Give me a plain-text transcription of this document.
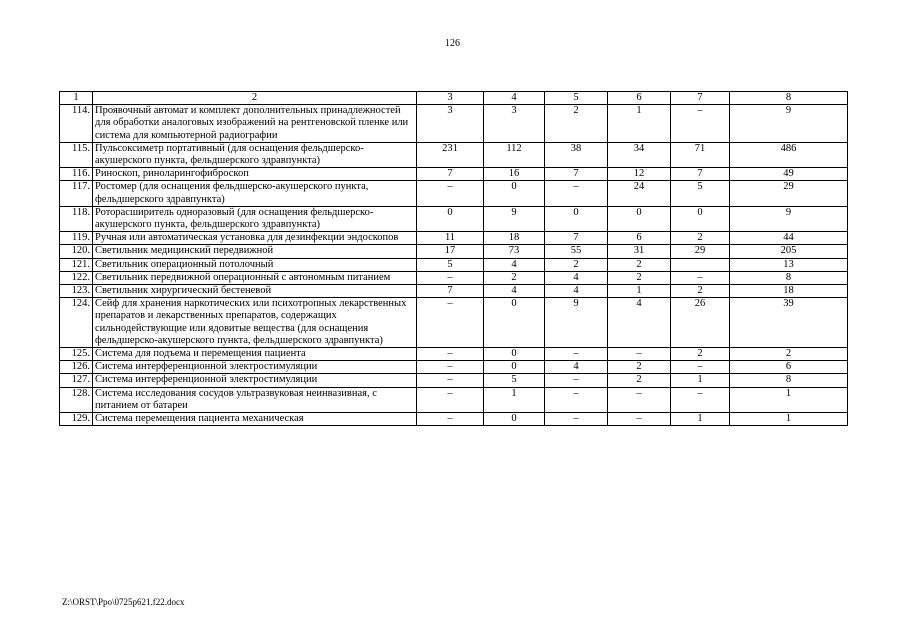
126
1	2	3	4	5	6	7	8
114.	Проявочный автомат и комплект дополнительных принадлежностей для обработки аналоговых изображений на рентгеновской пленке или система для компьютерной радиографии	3	3	2	1	–	9
115.	Пульсоксиметр портативный (для оснащения фельдшерско-акушерского пункта, фельдшерского здравпункта)	231	112	38	34	71	486
116.	Риноскоп, риноларингофиброскоп	7	16	7	12	7	49
117.	Ростомер (для оснащения фельдшерско-акушерского пункта, фельдшерского здравпункта)	–	0	–	24	5	29
118.	Роторасширитель одноразовый (для оснащения фельдшерско-акушерского пункта, фельдшерского здравпункта)	0	9	0	0	0	9
119.	Ручная или автоматическая установка для дезинфекции эндоскопов	11	18	7	6	2	44
120.	Светильник медицинский передвижной	17	73	55	31	29	205
121.	Светильник операционный потолочный	5	4	2	2		13
122.	Светильник передвижной операционный с автономным питанием	–	2	4	2	–	8
123.	Светильник хирургический бестеневой	7	4	4	1	2	18
124.	Сейф для хранения наркотических или психотропных лекарственных препаратов и лекарственных препаратов, содержащих сильнодействующие или ядовитые вещества (для оснащения фельдшерско-акушерского пункта, фельдшерского здравпункта)	–	0	9	4	26	39
125.	Система для подъема и перемещения пациента	–	0	–	–	2	2
126.	Система интерференционной электростимуляции	–	0	4	2	–	6
127.	Система интерференционной электростимуляции	–	5	–	2	1	8
128.	Система исследования сосудов ультразвуковая неинвазивная, с питанием от батареи	–	1	–	–	–	1
129.	Система перемещения пациента механическая	–	0	–	–	1	1
Z:\ORST\Ppo\0725p621.f22.docx
